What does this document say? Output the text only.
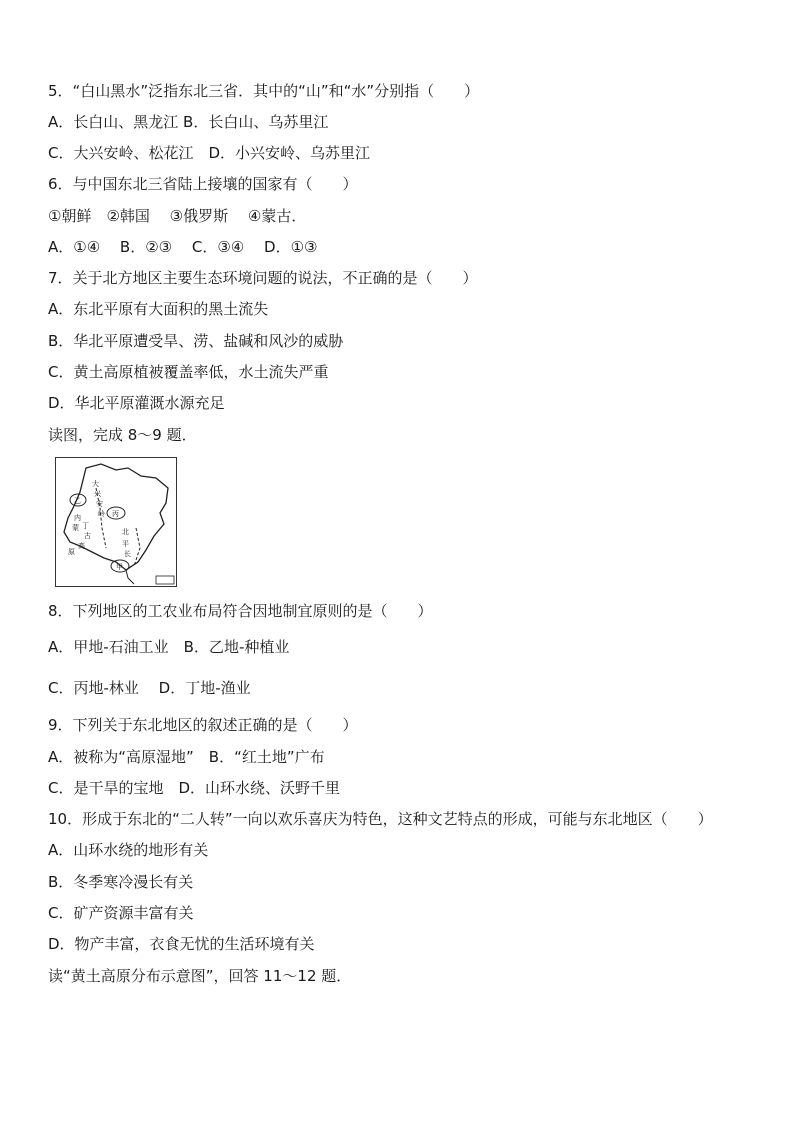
5．“白山黑水”泛指东北三省．其中的“山”和“水”分别指（　　）
A．长白山、黑龙江 B．长白山、乌苏里江
C．大兴安岭、松花江　D．小兴安岭、乌苏里江
6．与中国东北三省陆上接壤的国家有（　　）
①朝鲜　②韩国　 ③俄罗斯　 ④蒙古．
A．①④　 B．②③　 C．③④　 D．①③
7．关于北方地区主要生态环境问题的说法，不正确的是（　　）
A．东北平原有大面积的黑土流失
B．华北平原遭受旱、涝、盐碱和风沙的威胁
C．黄土高原植被覆盖率低，水土流失严重
D．华北平原灌溉水源充足
读图，完成 8～9 题．
乙
丙
甲
丁
大
兴
安
岭
内
蒙
古
高
原
北
平
长
8．下列地区的工农业布局符合因地制宜原则的是（　　）
A．甲地-石油工业　B．乙地-种植业
C．丙地-林业　 D．丁地-渔业
9．下列关于东北地区的叙述正确的是（　　）
A．被称为“高原湿地”　B．“红土地”广布
C．是干旱的宝地　D．山环水绕、沃野千里
10．形成于东北的“二人转”一向以欢乐喜庆为特色，这种文艺特点的形成，可能与东北地区（　　）
A．山环水绕的地形有关
B．冬季寒冷漫长有关
C．矿产资源丰富有关
D．物产丰富，衣食无忧的生活环境有关
读“黄土高原分布示意图”，回答 11～12 题．
